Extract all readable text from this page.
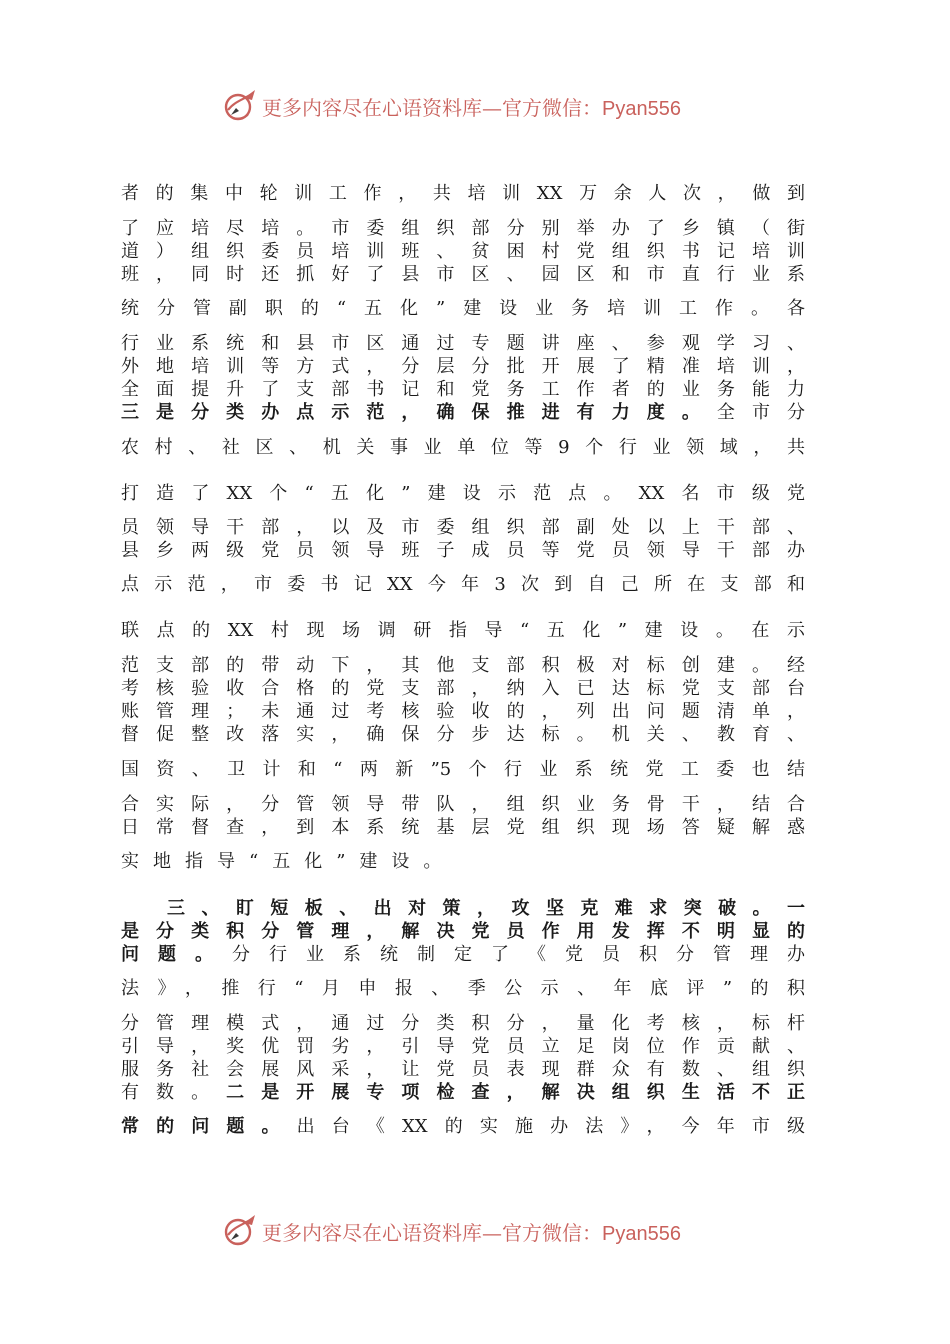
更多内容尽在心语资料库—官方微信：Pyan556
者的集中轮训工作，共培训XX万余人次，做到
了应培尽培。市委组织部分别举办了乡镇（街
道）组织委员培训班、贫困村党组织书记培训
班，同时还抓好了县市区、园区和市直行业系
统分管副职的“五化”建设业务培训工作。各
行业系统和县市区通过专题讲座、参观学习、
外地培训等方式，分层分批开展了精准培训，
全面提升了支部书记和党务工作者的业务能力
三是分类办点示范，确保推进有力度。全市分
农村、社区、机关事业单位等9个行业领域，共
打造了XX个“五化”建设示范点。XX名市级党
员领导干部，以及市委组织部副处以上干部、
县乡两级党员领导班子成员等党员领导干部办
点示范，市委书记XX今年3次到自己所在支部和
联点的XX村现场调研指导“五化”建设。在示
范支部的带动下，其他支部积极对标创建。经
考核验收合格的党支部，纳入已达标党支部台
账管理；未通过考核验收的，列出问题清单，
督促整改落实，确保分步达标。机关、教育、
国资、卫计和“两新”5个行业系统党工委也结
合实际，分管领导带队，组织业务骨干，结合
日常督查，到本系统基层党组织现场答疑解惑
实地指导“五化”建设。
三、盯短板、出对策，攻坚克难求突破。一
是分类积分管理，解决党员作用发挥不明显的
问题。分行业系统制定了《党员积分管理办
法》，推行“月申报、季公示、年底评”的积
分管理模式，通过分类积分，量化考核，标杆
引导，奖优罚劣，引导党员立足岗位作贡献、
服务社会展风采，让党员表现群众有数、组织
有数。二是开展专项检查，解决组织生活不正
常的问题。出台《XX的实施办法》，今年市级
更多内容尽在心语资料库—官方微信：Pyan556
